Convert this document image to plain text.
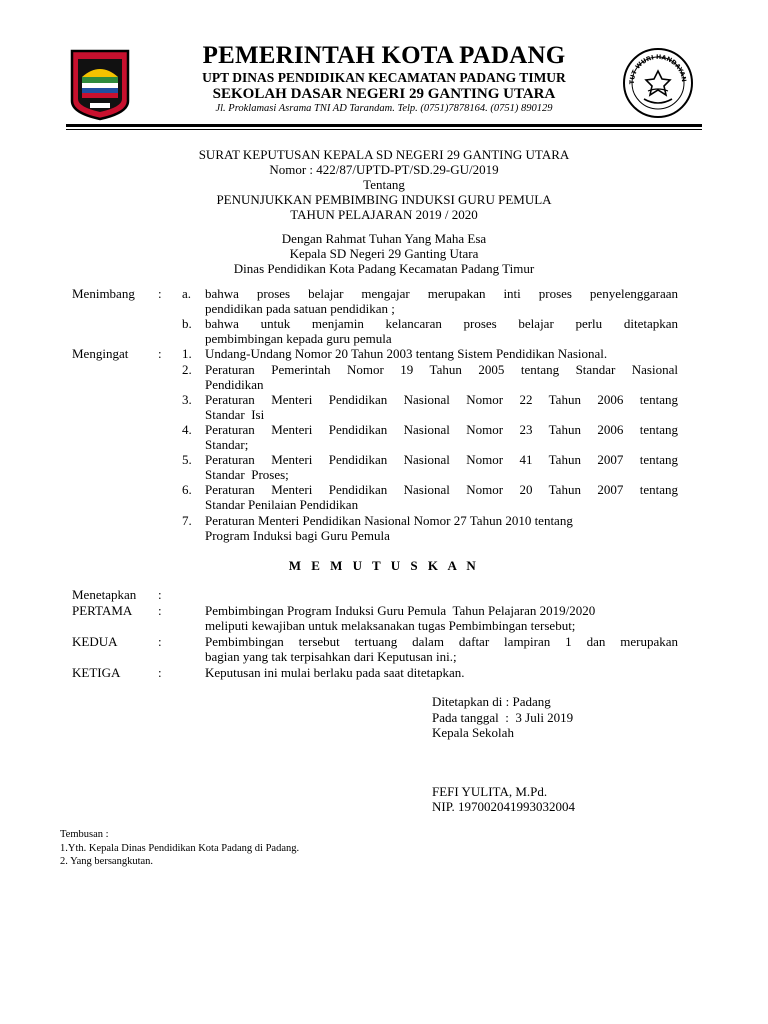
PEMERINTAH KOTA PADANG
UPT DINAS PENDIDIKAN KECAMATAN PADANG TIMUR
SEKOLAH DASAR NEGERI 29 GANTING UTARA
Jl. Proklamasi Asrama TNI AD Tarandam. Telp. (0751)7878164. (0751) 890129
TUT WURI HANDAYAN
SURAT KEPUTUSAN KEPALA SD NEGERI 29 GANTING UTARA
Nomor : 422/87/UPTD-PT/SD.29-GU/2019
Tentang
PENUNJUKKAN PEMBIMBING INDUKSI GURU PEMULA
TAHUN PELAJARAN 2019 / 2020
Dengan Rahmat Tuhan Yang Maha Esa
Kepala SD Negeri 29 Ganting Utara
Dinas Pendidikan Kota Padang Kecamatan Padang Timur
Menimbang : a. bahwa proses belajar mengajar merupakan inti proses penyelenggaraan
pendidikan pada satuan pendidikan ;
b. bahwa untuk menjamin kelancaran proses belajar perlu ditetapkan
pembimbingan kepada guru pemula
Mengingat : 1. Undang-Undang Nomor 20 Tahun 2003 tentang Sistem Pendidikan Nasional.
2. Peraturan Pemerintah Nomor 19 Tahun 2005 tentang Standar Nasional
Pendidikan
3. Peraturan Menteri Pendidikan Nasional Nomor 22 Tahun 2006 tentang
Standar  Isi
4. Peraturan Menteri Pendidikan Nasional Nomor 23 Tahun 2006 tentang
Standar;
5. Peraturan Menteri Pendidikan Nasional Nomor 41 Tahun 2007 tentang
Standar  Proses;
6. Peraturan Menteri Pendidikan Nasional Nomor 20 Tahun 2007 tentang
Standar Penilaian Pendidikan
7. Peraturan Menteri Pendidikan Nasional Nomor 27 Tahun 2010 tentang
Program Induksi bagi Guru Pemula
M E M U T U S K A N
Menetapkan :
PERTAMA :	Pembimbingan Program Induksi Guru Pemula  Tahun Pelajaran 2019/2020
meliputi kewajiban untuk melaksanakan tugas Pembimbingan tersebut;
KEDUA	:	Pembimbingan tersebut tertuang dalam daftar lampiran 1 dan merupakan
bagian yang tak terpisahkan dari Keputusan ini.;
KETIGA	:	Keputusan ini mulai berlaku pada saat ditetapkan.
Ditetapkan di : Padang
Pada tanggal  :  3 Juli 2019
Kepala Sekolah
FEFI YULITA, M.Pd.
NIP. 197002041993032004
Tembusan :
1.Yth. Kepala Dinas Pendidikan Kota Padang di Padang.
2. Yang bersangkutan.
